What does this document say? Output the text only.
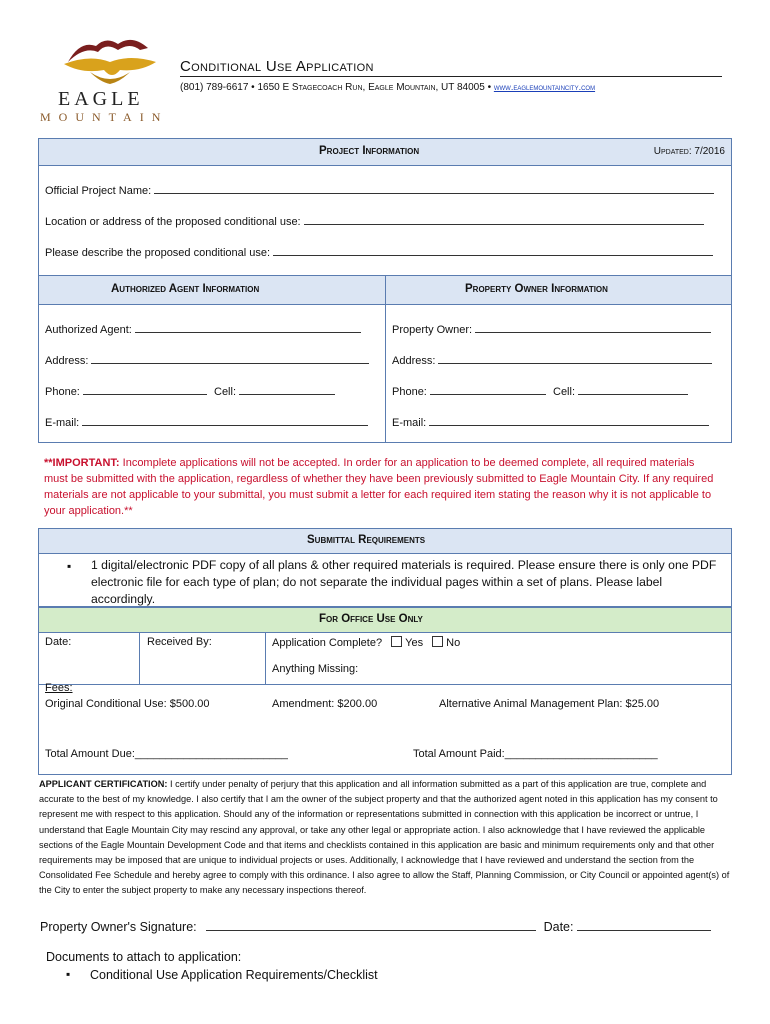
EAGLE
MOUNTAIN
Conditional Use Application
(801) 789-6617 • 1650 E Stagecoach Run, Eagle Mountain, UT 84005 • www.eaglemountaincity.com
Project Information	Updated: 7/2016
Official Project Name:
Location or address of the proposed conditional use:
Please describe the proposed conditional use:
Authorized Agent Information	Property Owner Information
Authorized Agent:
Address:
Phone:	Cell:
E-mail:
Property Owner:
Address:
Phone:	Cell:
E-mail:
**IMPORTANT: Incomplete applications will not be accepted. In order for an application to be deemed complete, all required materials must be submitted with the application, regardless of whether they have been previously submitted to Eagle Mountain City. If any required materials are not applicable to your submittal, you must submit a letter for each required item stating the reason why it is not applicable to your application.**
Submittal Requirements
▪ 1 digital/electronic PDF copy of all plans & other required materials is required. Please ensure there is only one PDF electronic file for each type of plan; do not separate the individual pages within a set of plans. Please label accordingly.
For Office Use Only
Date:	Received By:	Application Complete? Yes No
Anything Missing:
Fees:
Original Conditional Use: $500.00	Amendment: $200.00	Alternative Animal Management Plan: $25.00
Total Amount Due:_________________________	Total Amount Paid:_________________________
APPLICANT CERTIFICATION: I certify under penalty of perjury that this application and all information submitted as a part of this application are true, complete and accurate to the best of my knowledge. I also certify that I am the owner of the subject property and that the authorized agent noted in this application has my consent to represent me with respect to this application. Should any of the information or representations submitted in connection with this application be incorrect or untrue, I understand that Eagle Mountain City may rescind any approval, or take any other legal or appropriate action. I also acknowledge that I have reviewed the applicable sections of the Eagle Mountain Development Code and that items and checklists contained in this application are basic and minimum requirements only and that other requirements may be imposed that are unique to individual projects or uses. Additionally, I acknowledge that I have reviewed and understand the section from the Consolidated Fee Schedule and hereby agree to comply with this ordinance. I also agree to allow the Staff, Planning Commission, or City Council or appointed agent(s) of the City to enter the subject property to make any necessary inspections thereof.
Property Owner's Signature:	Date:
Documents to attach to application:
▪ Conditional Use Application Requirements/Checklist
